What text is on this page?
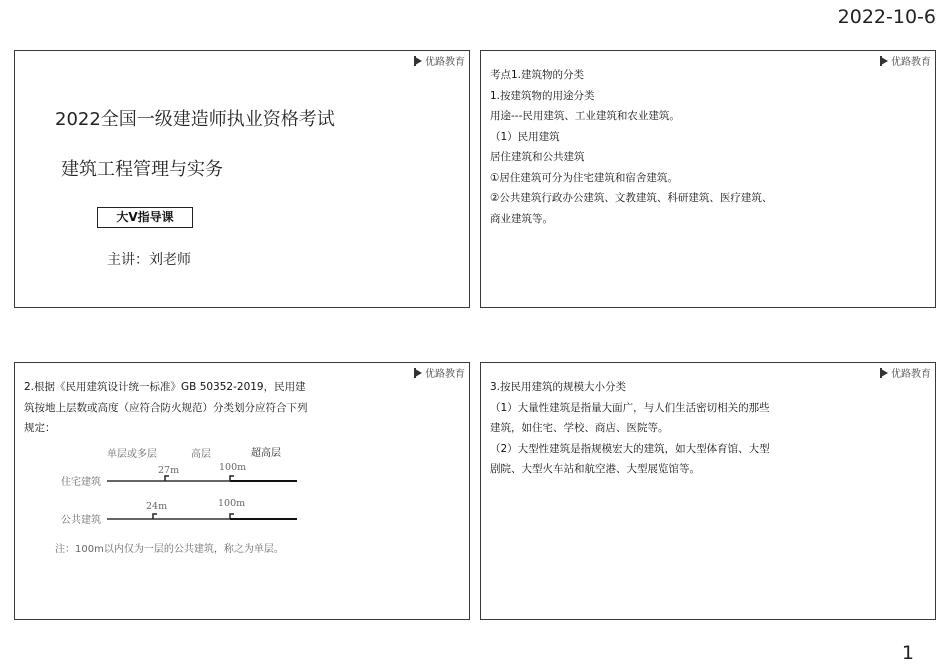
2022-10-6
优路教育
2022全国一级建造师执业资格考试
建筑工程管理与实务
大V指导课
主讲：刘老师
优路教育
考点1.建筑物的分类
1.按建筑物的用途分类
用途---民用建筑、工业建筑和农业建筑。
（1）民用建筑
居住建筑和公共建筑
①居住建筑可分为住宅建筑和宿舍建筑。
②公共建筑行政办公建筑、文教建筑、科研建筑、医疗建筑、
商业建筑等。
优路教育
2.根据《民用建筑设计统一标准》GB 50352-2019，民用建
筑按地上层数或高度（应符合防火规范）分类划分应符合下列
规定：
单层或多层	高层	超高层
住宅建筑
27m	100m
公共建筑
24m	100m
注：100m以内仅为一层的公共建筑，称之为单层。
优路教育
3.按民用建筑的规模大小分类
（1）大量性建筑是指量大面广，与人们生活密切相关的那些
建筑，如住宅、学校、商店、医院等。
（2）大型性建筑是指规模宏大的建筑，如大型体育馆、大型
剧院、大型火车站和航空港、大型展览馆等。
1
